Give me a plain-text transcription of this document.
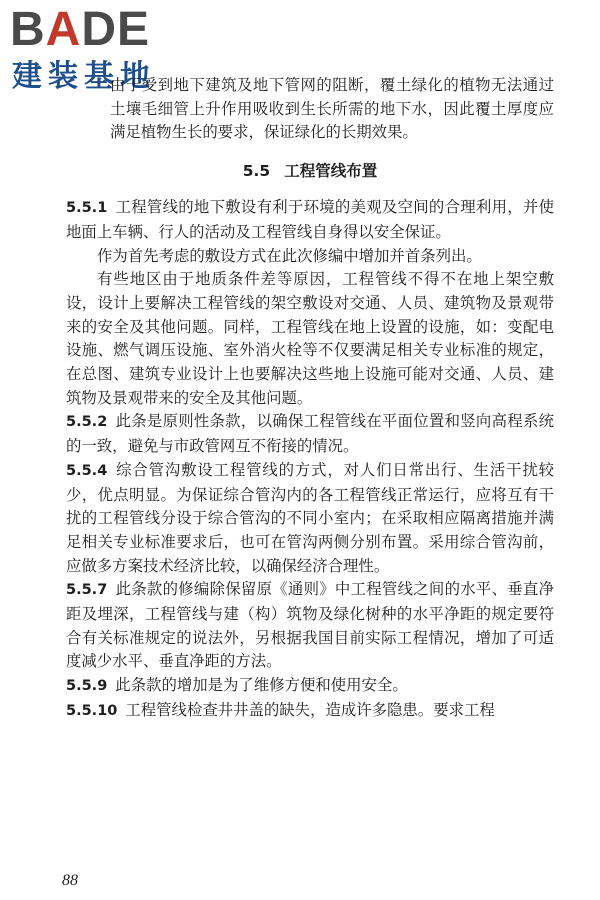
BADE
建装基地

由于受到地下建筑及地下管网的阻断，覆土绿化的植物无法通过土壤毛细管上升作用吸收到生长所需的地下水，因此覆土厚度应满足植物生长的要求，保证绿化的长期效果。

5.5 工程管线布置

5.5.1 工程管线的地下敷设有利于环境的美观及空间的合理利用，并使地面上车辆、行人的活动及工程管线自身得以安全保证。

作为首先考虑的敷设方式在此次修编中增加并首条列出。

有些地区由于地质条件差等原因，工程管线不得不在地上架空敷设，设计上要解决工程管线的架空敷设对交通、人员、建筑物及景观带来的安全及其他问题。同样，工程管线在地上设置的设施，如：变配电设施、燃气调压设施、室外消火栓等不仅要满足相关专业标准的规定，在总图、建筑专业设计上也要解决这些地上设施可能对交通、人员、建筑物及景观带来的安全及其他问题。

5.5.2 此条是原则性条款，以确保工程管线在平面位置和竖向高程系统的一致，避免与市政管网互不衔接的情况。

5.5.4 综合管沟敷设工程管线的方式，对人们日常出行、生活干扰较少，优点明显。为保证综合管沟内的各工程管线正常运行，应将互有干扰的工程管线分设于综合管沟的不同小室内；在采取相应隔离措施并满足相关专业标准要求后，也可在管沟两侧分别布置。采用综合管沟前，应做多方案技术经济比较，以确保经济合理性。

5.5.7 此条款的修编除保留原《通则》中工程管线之间的水平、垂直净距及埋深，工程管线与建（构）筑物及绿化树种的水平净距的规定要符合有关标准规定的说法外，另根据我国目前实际工程情况，增加了可适度减少水平、垂直净距的方法。

5.5.9 此条款的增加是为了维修方便和使用安全。

5.5.10 工程管线检查井井盖的缺失，造成许多隐患。要求工程

88
